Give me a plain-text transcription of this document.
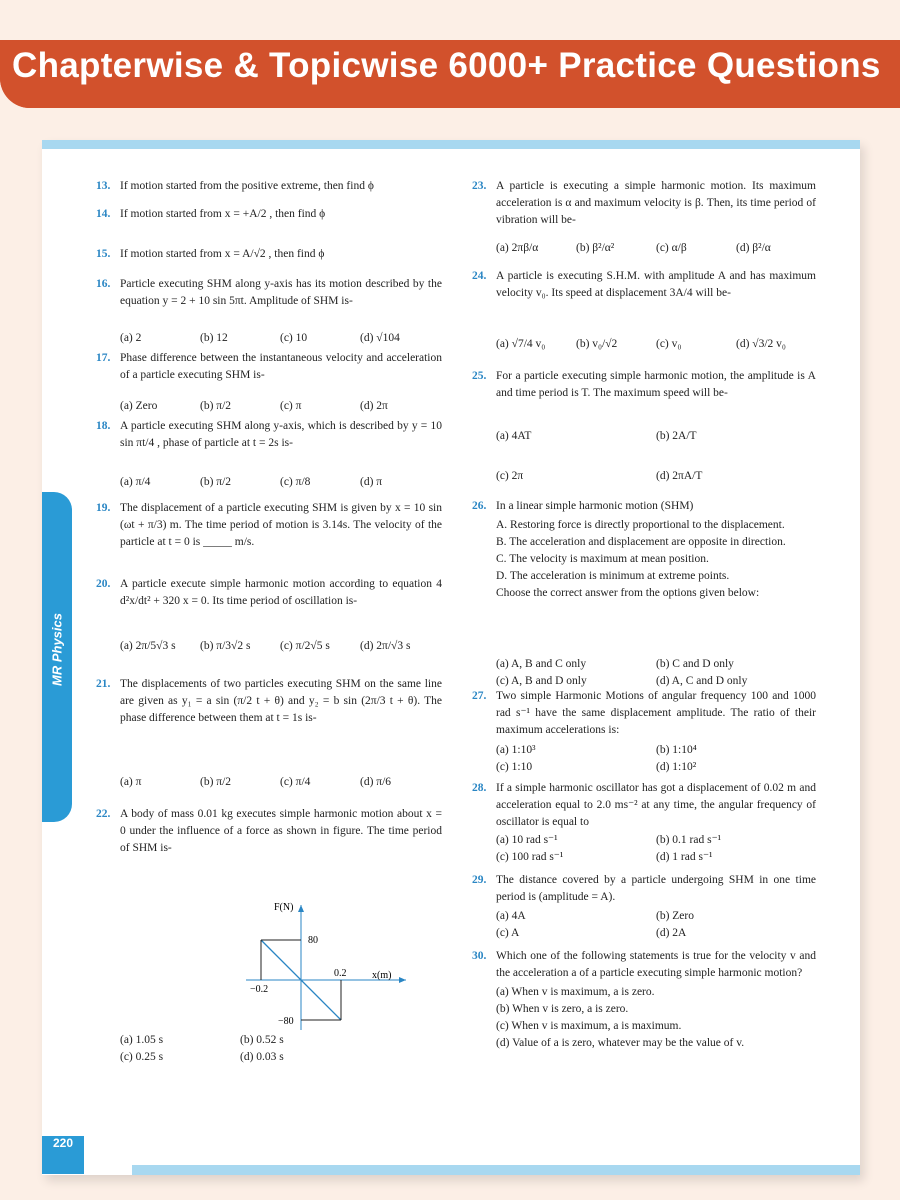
Chapterwise & Topicwise 6000+ Practice Questions
MR Physics
220
13. If motion started from the positive extreme, then find ϕ
14. If motion started from x = +A/2 , then find ϕ
15. If motion started from x = A/√2 , then find ϕ
16. Particle executing SHM along y-axis has its motion described by the equation y = 2 + 10 sin 5πt. Amplitude of SHM is-
(a) 2	(b) 12	(c) 10	(d) √104
17. Phase difference between the instantaneous velocity and acceleration of a particle executing SHM is-
(a) Zero	(b) π/2	(c) π	(d) 2π
18. A particle executing SHM along y-axis, which is described by y = 10 sin πt/4 , phase of particle at t = 2s is-
(a) π/4	(b) π/2	(c) π/8	(d) π
19. The displacement of a particle executing SHM is given by x = 10 sin (ωt + π/3) m. The time period of motion is 3.14s. The velocity of the particle at t = 0 is _____ m/s.
20. A particle execute simple harmonic motion according to equation 4 d²x/dt² + 320 x = 0. Its time period of oscillation is-
(a) 2π/5√3 s	(b) π/3√2 s	(c) π/2√5 s	(d) 2π/√3 s
21. The displacements of two particles executing SHM on the same line are given as y₁ = a sin (π/2 t + θ) and y₂ = b sin (2π/3 t + θ). The phase difference between them at t = 1s is-
(a) π	(b) π/2	(c) π/4	(d) π/6
22. A body of mass 0.01 kg executes simple harmonic motion about x = 0 under the influence of a force as shown in figure. The time period of SHM is-
(a) 1.05 s	(b) 0.52 s
(c) 0.25 s	(d) 0.03 s
F(N)
x(m)
80
−80
0.2
−0.2
23. A particle is executing a simple harmonic motion. Its maximum acceleration is α and maximum velocity is β. Then, its time period of vibration will be-
(a) 2πβ/α	(b) β²/α²	(c) α/β	(d) β²/α
24. A particle is executing S.H.M. with amplitude A and has maximum velocity v₀. Its speed at displacement 3A/4 will be-
(a) √7/4 v₀	(b) v₀/√2	(c) v₀	(d) √3/2 v₀
25. For a particle executing simple harmonic motion, the amplitude is A and time period is T. The maximum speed will be-
(a) 4AT	(b) 2A/T
(c) 2π	(d) 2πA/T
26. In a linear simple harmonic motion (SHM)
A. Restoring force is directly proportional to the displacement.
B. The acceleration and displacement are opposite in direction.
C. The velocity is maximum at mean position.
D. The acceleration is minimum at extreme points.
Choose the correct answer from the options given below:
(a) A, B and C only	(b) C and D only
(c) A, B and D only	(d) A, C and D only
27. Two simple Harmonic Motions of angular frequency 100 and 1000 rad s⁻¹ have the same displacement amplitude. The ratio of their maximum accelerations is:
(a) 1:10³	(b) 1:10⁴
(c) 1:10	(d) 1:10²
28. If a simple harmonic oscillator has got a displacement of 0.02 m and acceleration equal to 2.0 ms⁻² at any time, the angular frequency of oscillator is equal to
(a) 10 rad s⁻¹	(b) 0.1 rad s⁻¹
(c) 100 rad s⁻¹	(d) 1 rad s⁻¹
29. The distance covered by a particle undergoing SHM in one time period is (amplitude = A).
(a) 4A	(b) Zero
(c) A	(d) 2A
30. Which one of the following statements is true for the velocity v and the acceleration a of a particle executing simple harmonic motion?
(a) When v is maximum, a is zero.
(b) When v is zero, a is zero.
(c) When v is maximum, a is maximum.
(d) Value of a is zero, whatever may be the value of v.
